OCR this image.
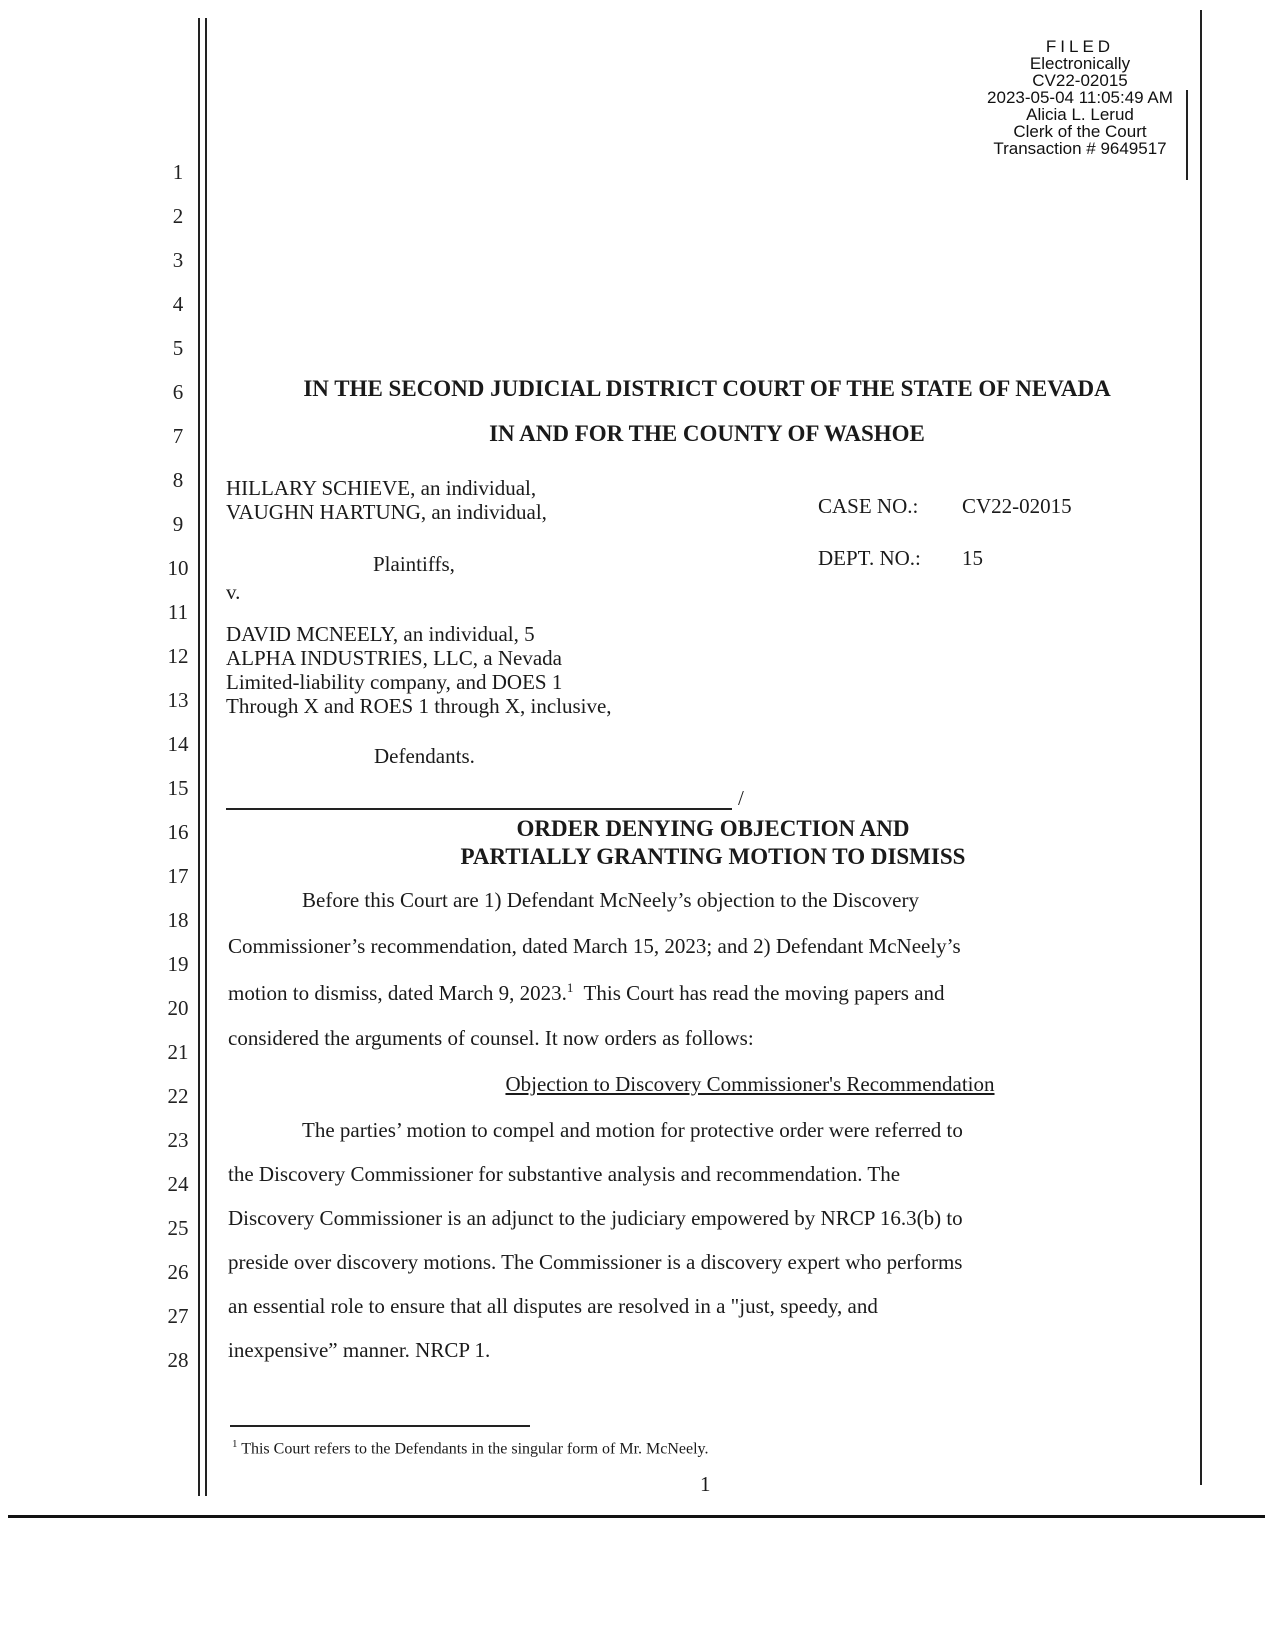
FILED
Electronically
CV22-02015
2023-05-04 11:05:49 AM
Alicia L. Lerud
Clerk of the Court
Transaction # 9649517
1
2
3
4
5
6
7
8
9
10
11
12
13
14
15
16
17
18
19
20
21
22
23
24
25
26
27
28
IN THE SECOND JUDICIAL DISTRICT COURT OF THE STATE OF NEVADA
IN AND FOR THE COUNTY OF WASHOE
HILLARY SCHIEVE, an individual,
VAUGHN HARTUNG, an individual,
Plaintiffs,
v.
DAVID MCNEELY, an individual, 5
ALPHA INDUSTRIES, LLC, a Nevada
Limited-liability company, and DOES 1
Through X and ROES 1 through X, inclusive,
Defendants.
/
CASE NO.: CV22-02015
DEPT. NO.: 15
ORDER DENYING OBJECTION AND
PARTIALLY GRANTING MOTION TO DISMISS
Before this Court are 1) Defendant McNeely’s objection to the Discovery
Commissioner’s recommendation, dated March 15, 2023; and 2) Defendant McNeely’s
motion to dismiss, dated March 9, 2023.$^1$  This Court has read the moving papers and
considered the arguments of counsel. It now orders as follows:
Objection to Discovery Commissioner's Recommendation
The parties’ motion to compel and motion for protective order were referred to
the Discovery Commissioner for substantive analysis and recommendation. The
Discovery Commissioner is an adjunct to the judiciary empowered by NRCP 16.3(b) to
preside over discovery motions. The Commissioner is a discovery expert who performs
an essential role to ensure that all disputes are resolved in a "just, speedy, and
inexpensive” manner. NRCP 1.
$^1$ This Court refers to the Defendants in the singular form of Mr. McNeely.
1
